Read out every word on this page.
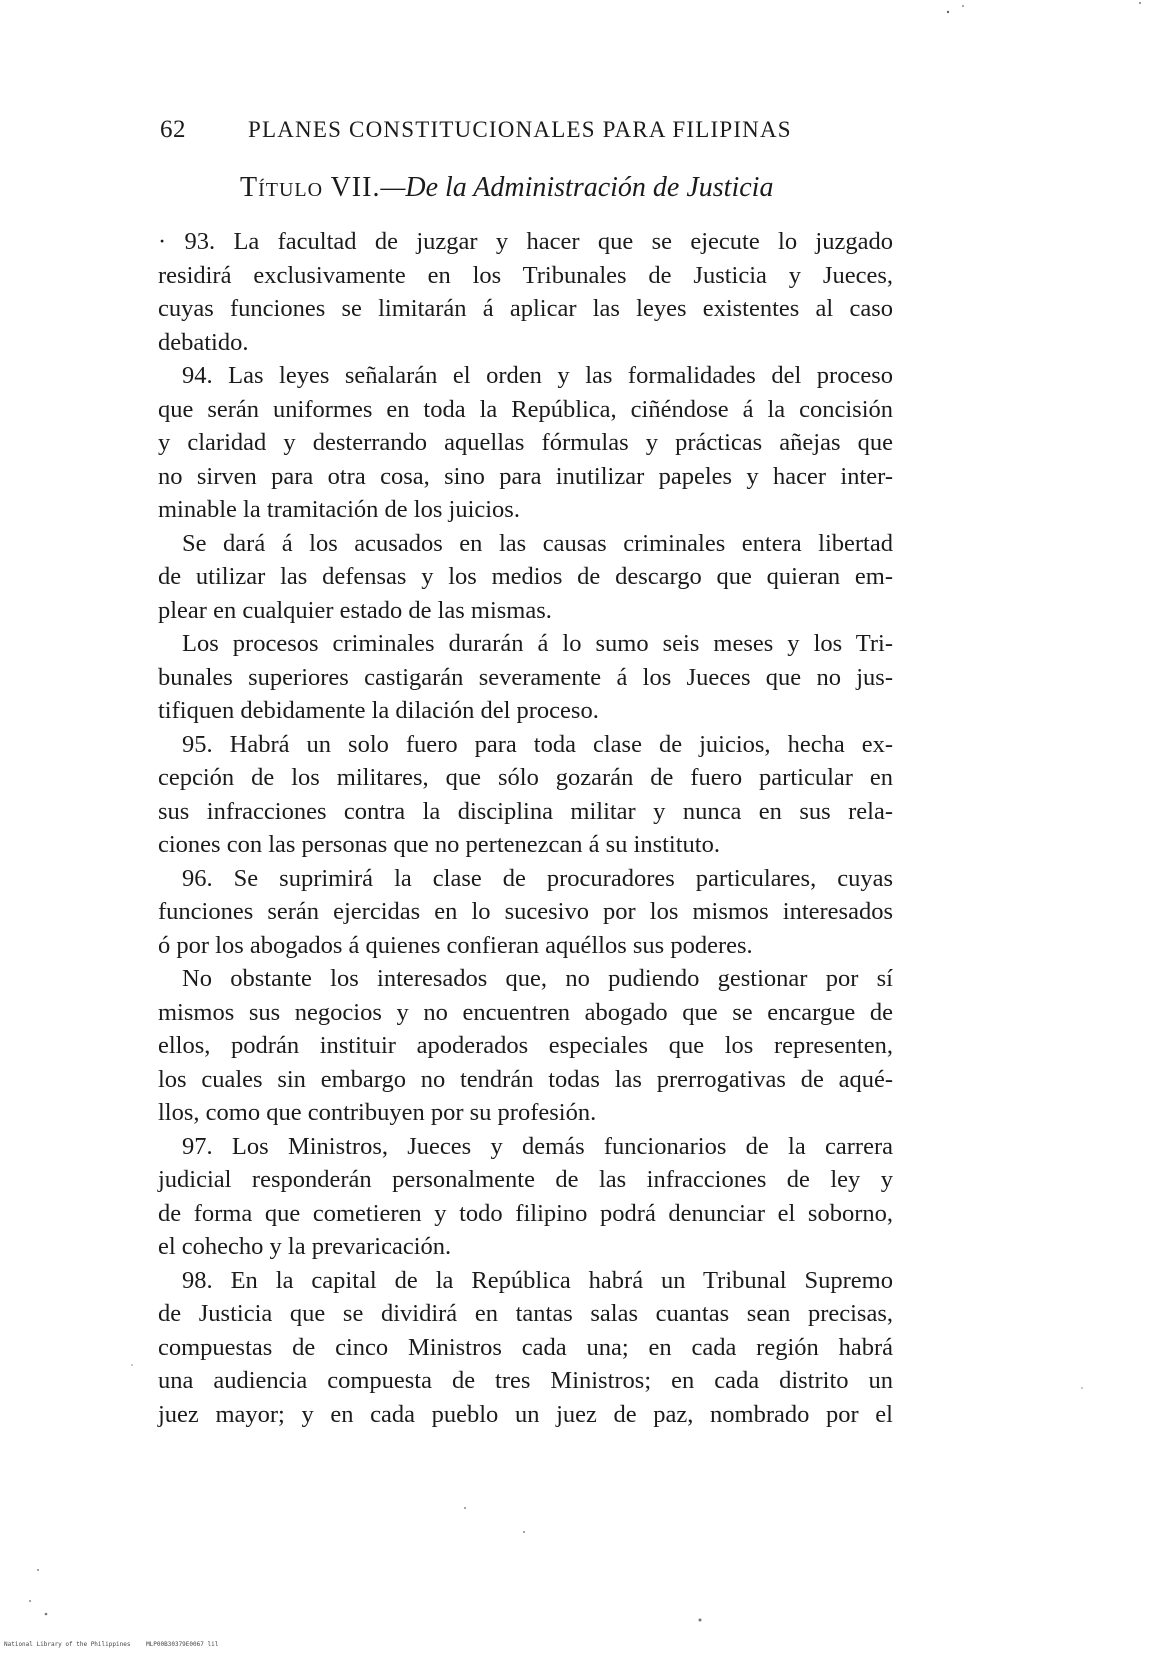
62	PLANES CONSTITUCIONALES PARA FILIPINAS
Título VII.—De la Administración de Justicia
· 93. La facultad de juzgar y hacer que se ejecute lo juzgado
residirá exclusivamente en los Tribunales de Justicia y Jueces,
cuyas funciones se limitarán á aplicar las leyes existentes al caso
debatido.
94. Las leyes señalarán el orden y las formalidades del proceso
que serán uniformes en toda la República, ciñéndose á la concisión
y claridad y desterrando aquellas fórmulas y prácticas añejas que
no sirven para otra cosa, sino para inutilizar papeles y hacer inter-
minable la tramitación de los juicios.
Se dará á los acusados en las causas criminales entera libertad
de utilizar las defensas y los medios de descargo que quieran em-
plear en cualquier estado de las mismas.
Los procesos criminales durarán á lo sumo seis meses y los Tri-
bunales superiores castigarán severamente á los Jueces que no jus-
tifiquen debidamente la dilación del proceso.
95. Habrá un solo fuero para toda clase de juicios, hecha ex-
cepción de los militares, que sólo gozarán de fuero particular en
sus infracciones contra la disciplina militar y nunca en sus rela-
ciones con las personas que no pertenezcan á su instituto.
96. Se suprimirá la clase de procuradores particulares, cuyas
funciones serán ejercidas en lo sucesivo por los mismos interesados
ó por los abogados á quienes confieran aquéllos sus poderes.
No obstante los interesados que, no pudiendo gestionar por sí
mismos sus negocios y no encuentren abogado que se encargue de
ellos, podrán instituir apoderados especiales que los representen,
los cuales sin embargo no tendrán todas las prerrogativas de aqué-
llos, como que contribuyen por su profesión.
97. Los Ministros, Jueces y demás funcionarios de la carrera
judicial responderán personalmente de las infracciones de ley y
de forma que cometieren y todo filipino podrá denunciar el soborno,
el cohecho y la prevaricación.
98. En la capital de la República habrá un Tribunal Supremo
de Justicia que se dividirá en tantas salas cuantas sean precisas,
compuestas de cinco Ministros cada una; en cada región habrá
una audiencia compuesta de tres Ministros; en cada distrito un
juez mayor; y en cada pueblo un juez de paz, nombrado por el
National Library of the Philippines	MLP00B30379E0067 lil
